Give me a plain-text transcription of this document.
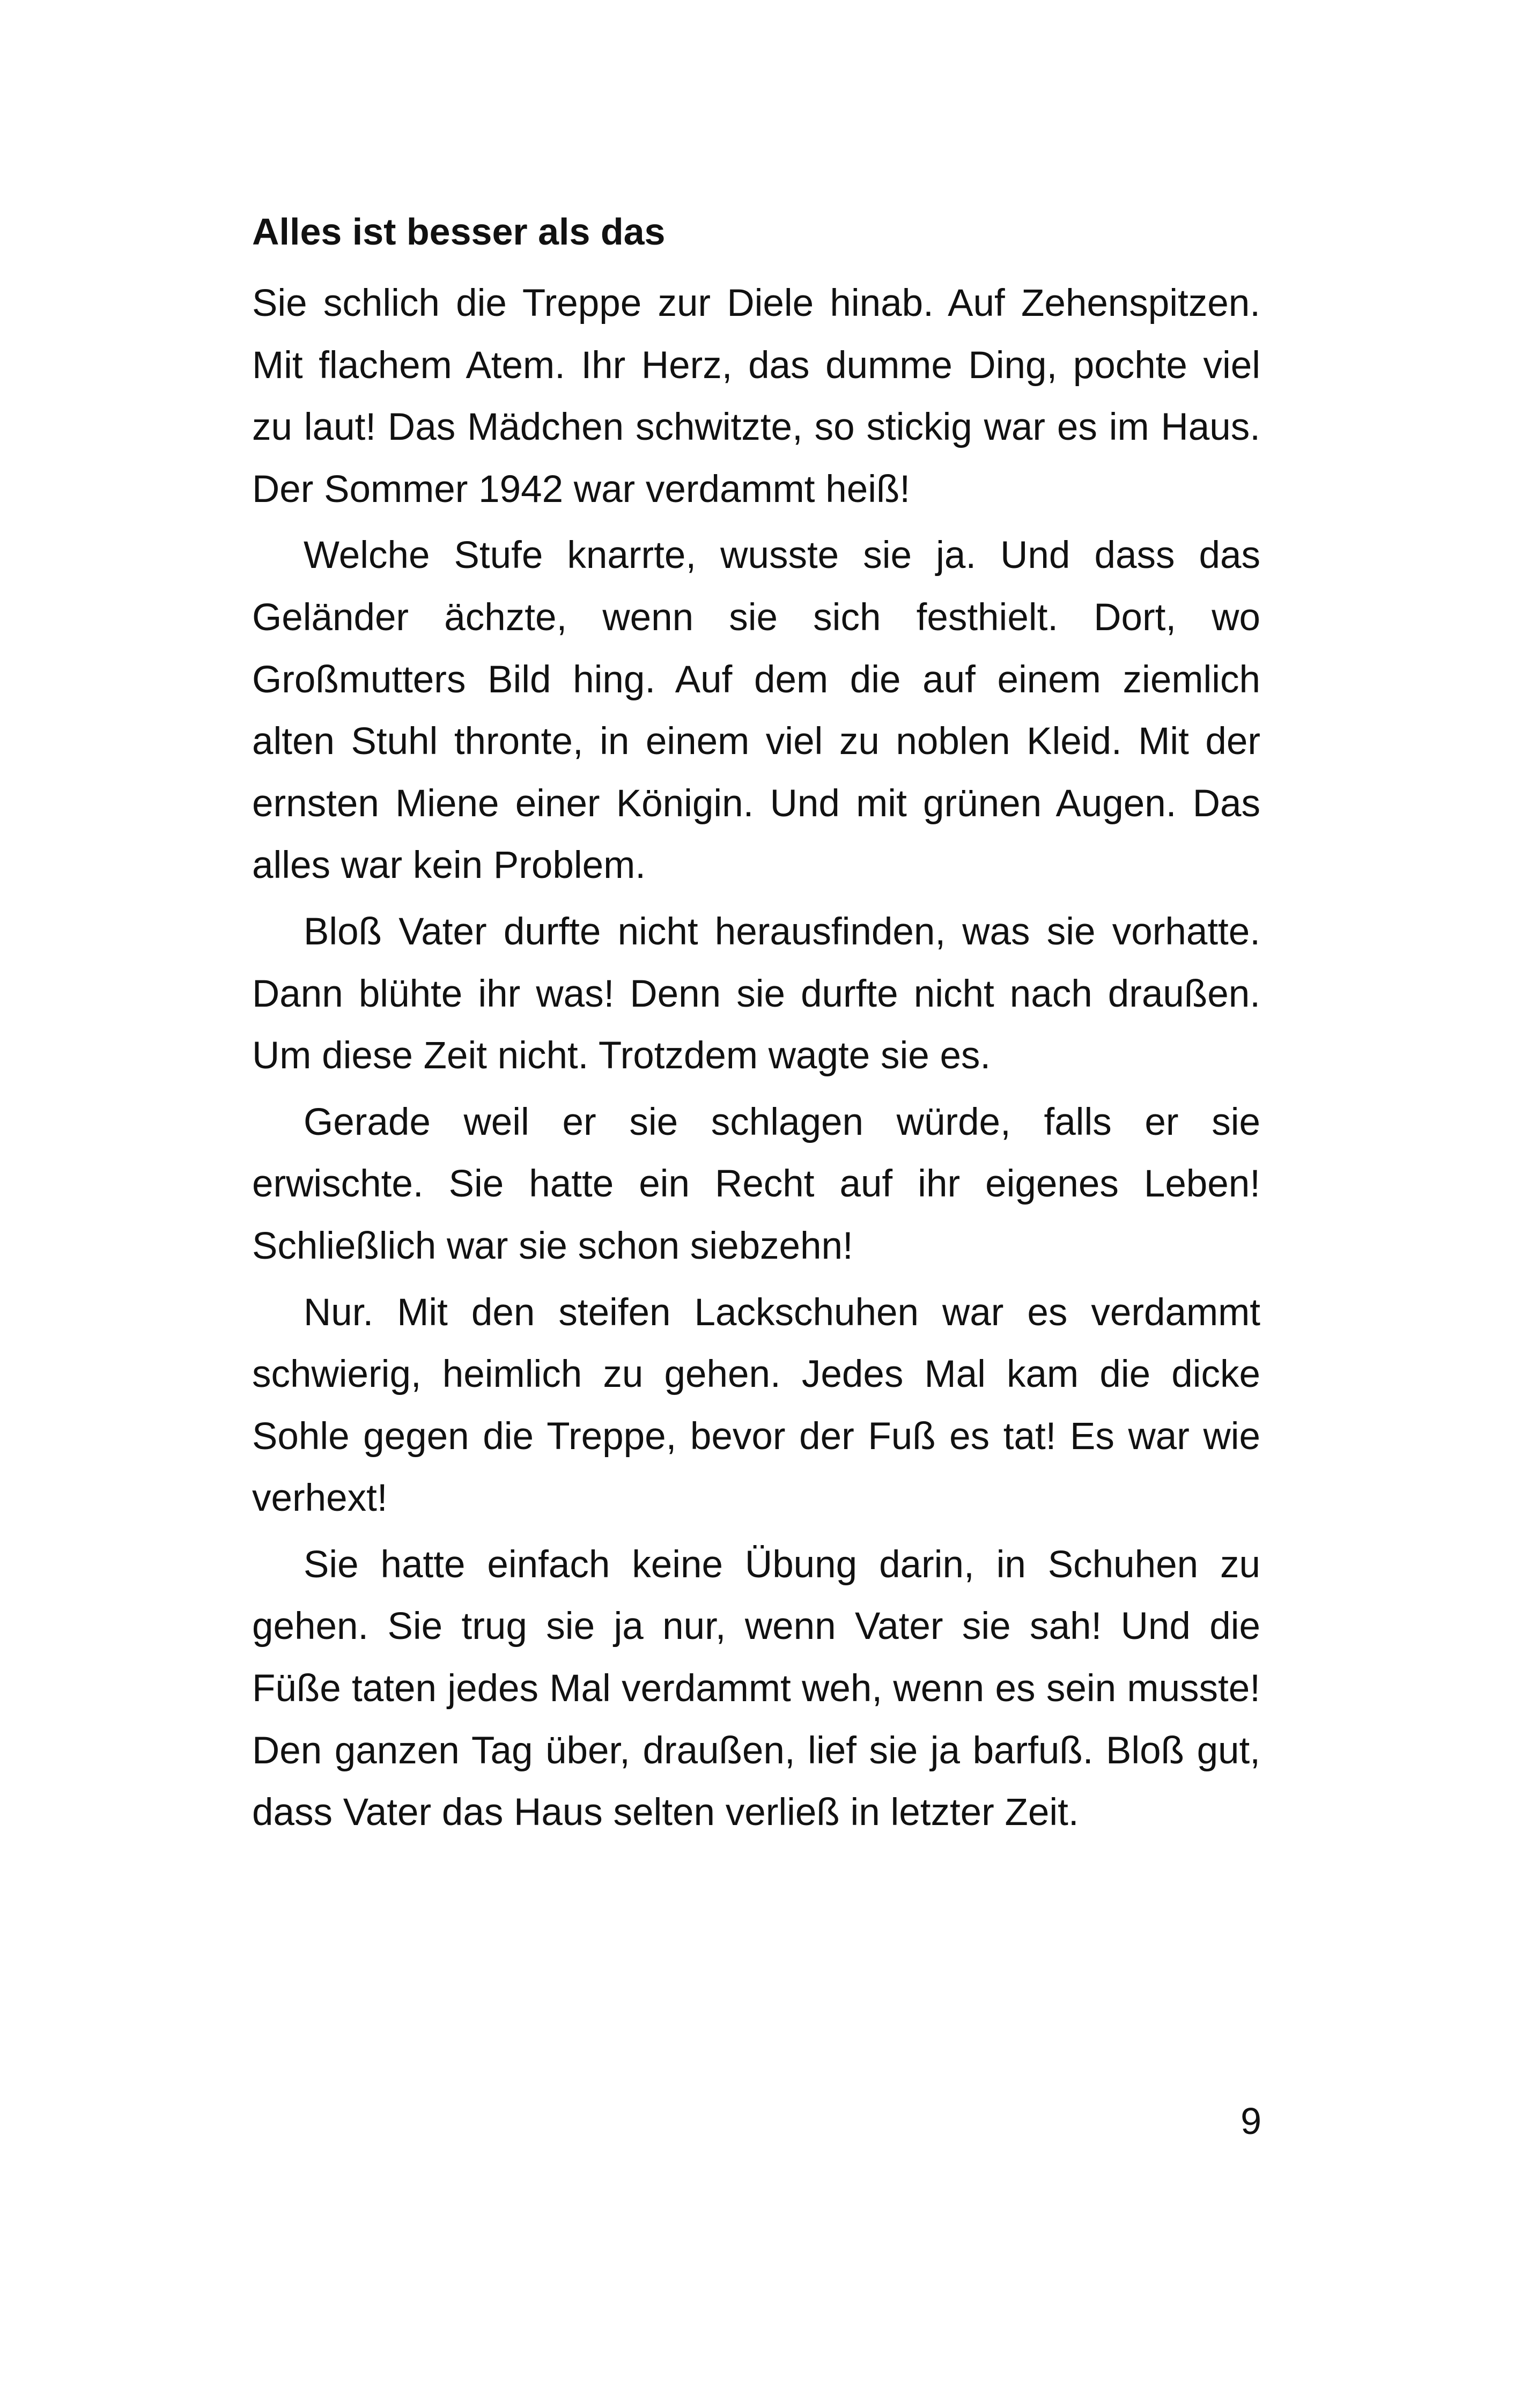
Alles ist besser als das

Sie schlich die Treppe zur Diele hinab. Auf Zehenspitzen. Mit flachem Atem. Ihr Herz, das dumme Ding, pochte viel zu laut! Das Mädchen schwitzte, so stickig war es im Haus. Der Sommer 1942 war verdammt heiß!

Welche Stufe knarrte, wusste sie ja. Und dass das Geländer ächzte, wenn sie sich festhielt. Dort, wo Großmutters Bild hing. Auf dem die auf einem ziemlich alten Stuhl thronte, in einem viel zu noblen Kleid. Mit der ernsten Miene einer Königin. Und mit grünen Augen. Das alles war kein Problem.

Bloß Vater durfte nicht herausfinden, was sie vorhatte. Dann blühte ihr was! Denn sie durfte nicht nach draußen. Um diese Zeit nicht. Trotzdem wagte sie es.

Gerade weil er sie schlagen würde, falls er sie erwischte. Sie hatte ein Recht auf ihr eigenes Leben! Schließlich war sie schon siebzehn!

Nur. Mit den steifen Lackschuhen war es verdammt schwierig, heimlich zu gehen. Jedes Mal kam die dicke Sohle gegen die Treppe, bevor der Fuß es tat! Es war wie verhext!

Sie hatte einfach keine Übung darin, in Schuhen zu gehen. Sie trug sie ja nur, wenn Vater sie sah! Und die Füße taten jedes Mal verdammt weh, wenn es sein musste! Den ganzen Tag über, draußen, lief sie ja barfuß. Bloß gut, dass Vater das Haus selten verließ in letzter Zeit.

9
